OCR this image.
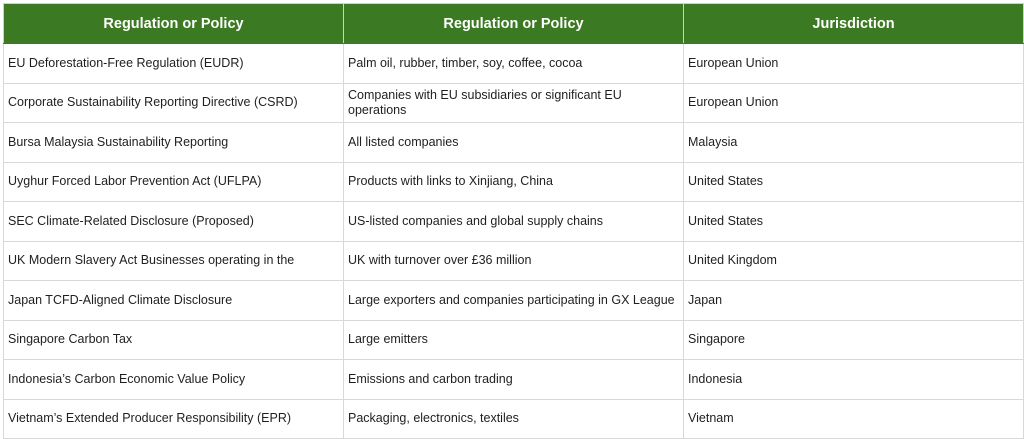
Regulation or Policy	Regulation or Policy	Jurisdiction
EU Deforestation-Free Regulation (EUDR)	Palm oil, rubber, timber, soy, coffee, cocoa	European Union
Corporate Sustainability Reporting Directive (CSRD)	Companies with EU subsidiaries or significant EU operations	European Union
Bursa Malaysia Sustainability Reporting	All listed companies	Malaysia
Uyghur Forced Labor Prevention Act (UFLPA)	Products with links to Xinjiang, China	United States
SEC Climate-Related Disclosure (Proposed)	US-listed companies and global supply chains	United States
UK Modern Slavery Act Businesses operating in the	UK with turnover over £36 million	United Kingdom
Japan TCFD-Aligned Climate Disclosure	Large exporters and companies participating in GX League	Japan
Singapore Carbon Tax	Large emitters	Singapore
Indonesia’s Carbon Economic Value Policy	Emissions and carbon trading	Indonesia
Vietnam’s Extended Producer Responsibility (EPR)	Packaging, electronics, textiles	Vietnam
